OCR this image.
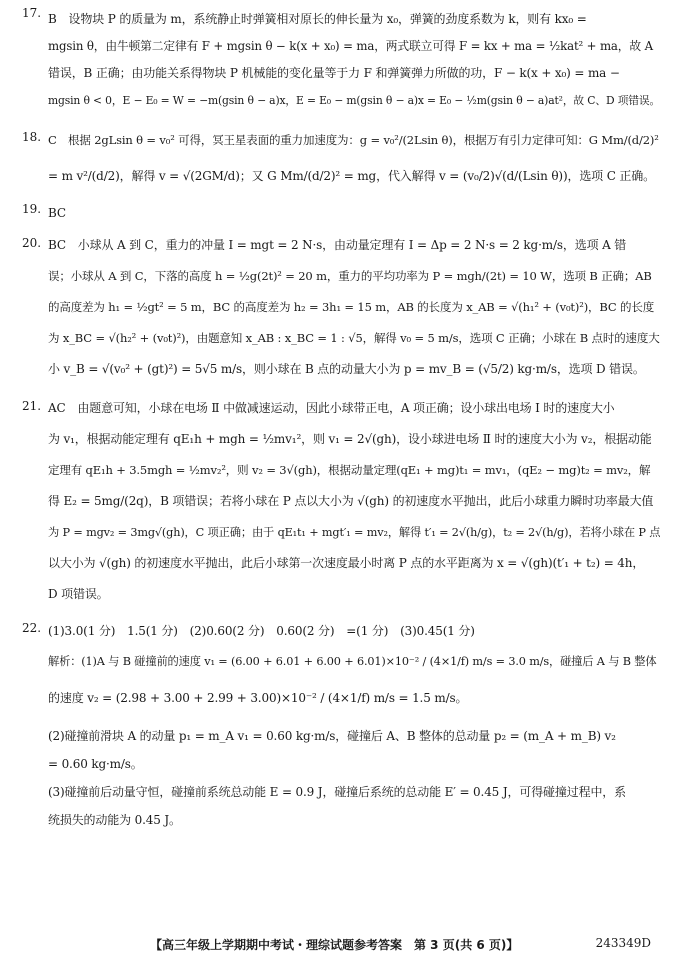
17. B　设物块 P 的质量为 m，系统静止时弹簧相对原长的伸长量为 x₀，弹簧的劲度系数为 k，则有 kx₀ =
mgsin θ，由牛顿第二定律有 F + mgsin θ − k(x + x₀) = ma，两式联立可得 F = kx + ma = ½kat² + ma，故 A
错误，B 正确；由功能关系得物块 P 机械能的变化量等于力 F 和弹簧弹力所做的功，F − k(x + x₀) = ma −
mgsin θ < 0，E − E₀ = W = −m(gsin θ − a)x，E = E₀ − m(gsin θ − a)x = E₀ − ½m(gsin θ − a)at²，故 C、D 项错误。
18. C　根据 2gLsin θ = v₀² 可得，冥王星表面的重力加速度为：g = v₀²/(2Lsin θ)，根据万有引力定律可知：G Mm/(d/2)²
= m v²/(d/2)，解得 v = √(2GM/d)；又 G Mm/(d/2)² = mg，代入解得 v = (v₀/2)√(d/(Lsin θ))，选项 C 正确。
19. BC
20. BC　小球从 A 到 C，重力的冲量 I = mgt = 2 N·s，由动量定理有 I = Δp = 2 N·s = 2 kg·m/s，选项 A 错
误；小球从 A 到 C，下落的高度 h = ½g(2t)² = 20 m，重力的平均功率为 P = mgh/(2t) = 10 W，选项 B 正确；AB
的高度差为 h₁ = ½gt² = 5 m，BC 的高度差为 h₂ = 3h₁ = 15 m，AB 的长度为 x_AB = √(h₁² + (v₀t)²)，BC 的长度
为 x_BC = √(h₂² + (v₀t)²)，由题意知 x_AB : x_BC = 1 : √5，解得 v₀ = 5 m/s，选项 C 正确；小球在 B 点时的速度大
小 v_B = √(v₀² + (gt)²) = 5√5 m/s，则小球在 B 点的动量大小为 p = mv_B = (√5/2) kg·m/s，选项 D 错误。
21. AC　由题意可知，小球在电场 Ⅱ 中做减速运动，因此小球带正电，A 项正确；设小球出电场 Ⅰ 时的速度大小
为 v₁，根据动能定理有 qE₁h + mgh = ½mv₁²，则 v₁ = 2√(gh)，设小球进电场 Ⅱ 时的速度大小为 v₂，根据动能
定理有 qE₁h + 3.5mgh = ½mv₂²，则 v₂ = 3√(gh)，根据动量定理(qE₁ + mg)t₁ = mv₁，(qE₂ − mg)t₂ = mv₂，解
得 E₂ = 5mg/(2q)，B 项错误；若将小球在 P 点以大小为 √(gh) 的初速度水平抛出，此后小球重力瞬时功率最大值
为 P = mgv₂ = 3mg√(gh)，C 项正确；由于 qE₁t₁ + mgt′₁ = mv₂，解得 t′₁ = 2√(h/g)，t₂ = 2√(h/g)，若将小球在 P 点
以大小为 √(gh) 的初速度水平抛出，此后小球第一次速度最小时离 P 点的水平距离为 x = √(gh)(t′₁ + t₂) = 4h，
D 项错误。
22. (1)3.0(1 分)　1.5(1 分)　(2)0.60(2 分)　0.60(2 分)　=(1 分)　(3)0.45(1 分)
解析：(1)A 与 B 碰撞前的速度 v₁ = (6.00 + 6.01 + 6.00 + 6.01)×10⁻² / (4×1/f) m/s = 3.0 m/s，碰撞后 A 与 B 整体
的速度 v₂ = (2.98 + 3.00 + 2.99 + 3.00)×10⁻² / (4×1/f) m/s = 1.5 m/s。
(2)碰撞前滑块 A 的动量 p₁ = m_A v₁ = 0.60 kg·m/s，碰撞后 A、B 整体的总动量 p₂ = (m_A + m_B) v₂
= 0.60 kg·m/s。
(3)碰撞前后动量守恒，碰撞前系统总动能 E = 0.9 J，碰撞后系统的总动能 E′ = 0.45 J，可得碰撞过程中，系
统损失的动能为 0.45 J。
【高三年级上学期期中考试・理综试题参考答案　第 3 页(共 6 页)】	243349D
